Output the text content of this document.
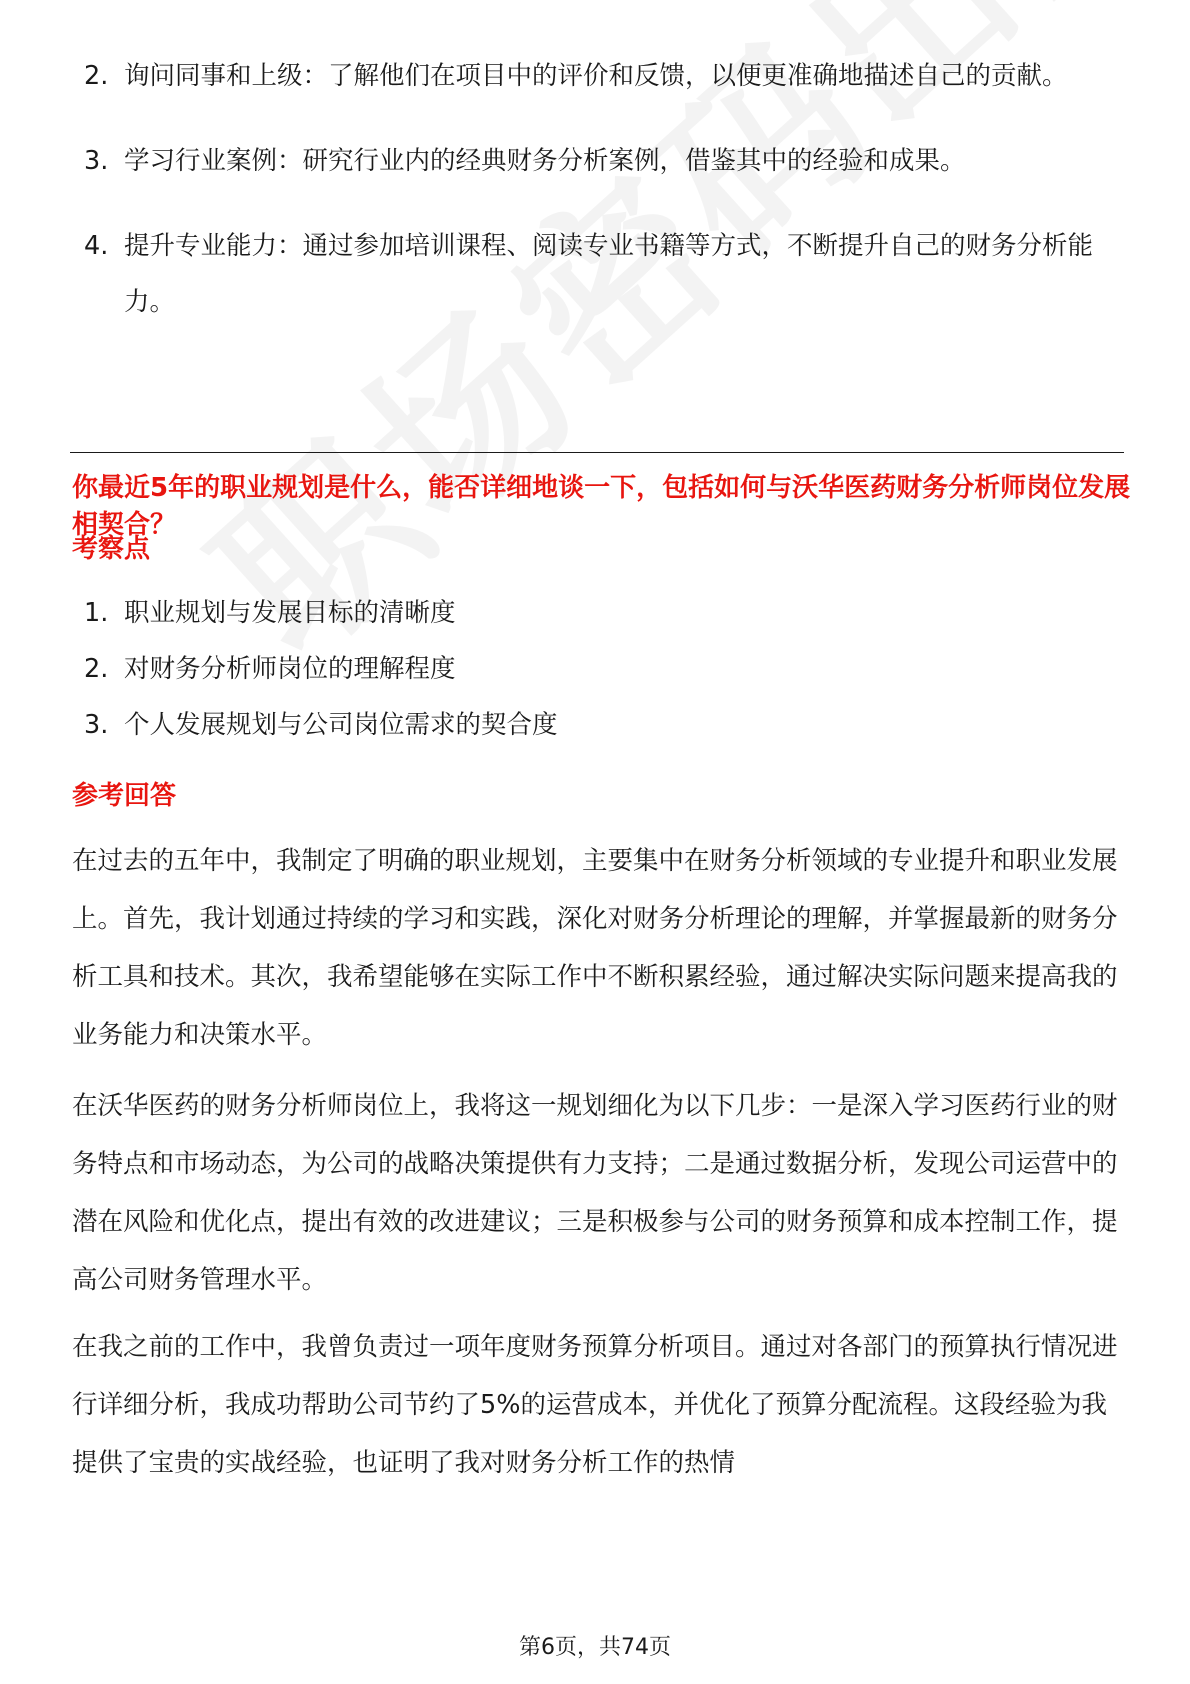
2. 询问同事和上级：了解他们在项目中的评价和反馈，以便更准确地描述自己的贡献。
3. 学习行业案例：研究行业内的经典财务分析案例，借鉴其中的经验和成果。
4. 提升专业能力：通过参加培训课程、阅读专业书籍等方式，不断提升自己的财务分析能力。
你最近5年的职业规划是什么，能否详细地谈一下，包括如何与沃华医药财务分析师岗位发展相契合？
考察点
1. 职业规划与发展目标的清晰度
2. 对财务分析师岗位的理解程度
3. 个人发展规划与公司岗位需求的契合度
参考回答

在过去的五年中，我制定了明确的职业规划，主要集中在财务分析领域的专业提升和职业发展上。首先，我计划通过持续的学习和实践，深化对财务分析理论的理解，并掌握最新的财务分析工具和技术。其次，我希望能够在实际工作中不断积累经验，通过解决实际问题来提高我的业务能力和决策水平。

在沃华医药的财务分析师岗位上，我将这一规划细化为以下几步：一是深入学习医药行业的财务特点和市场动态，为公司的战略决策提供有力支持；二是通过数据分析，发现公司运营中的潜在风险和优化点，提出有效的改进建议；三是积极参与公司的财务预算和成本控制工作，提高公司财务管理水平。

在我之前的工作中，我曾负责过一项年度财务预算分析项目。通过对各部门的预算执行情况进行详细分析，我成功帮助公司节约了5%的运营成本，并优化了预算分配流程。这段经验为我提供了宝贵的实战经验，也证明了我对财务分析工作的热情

第6页，共74页
